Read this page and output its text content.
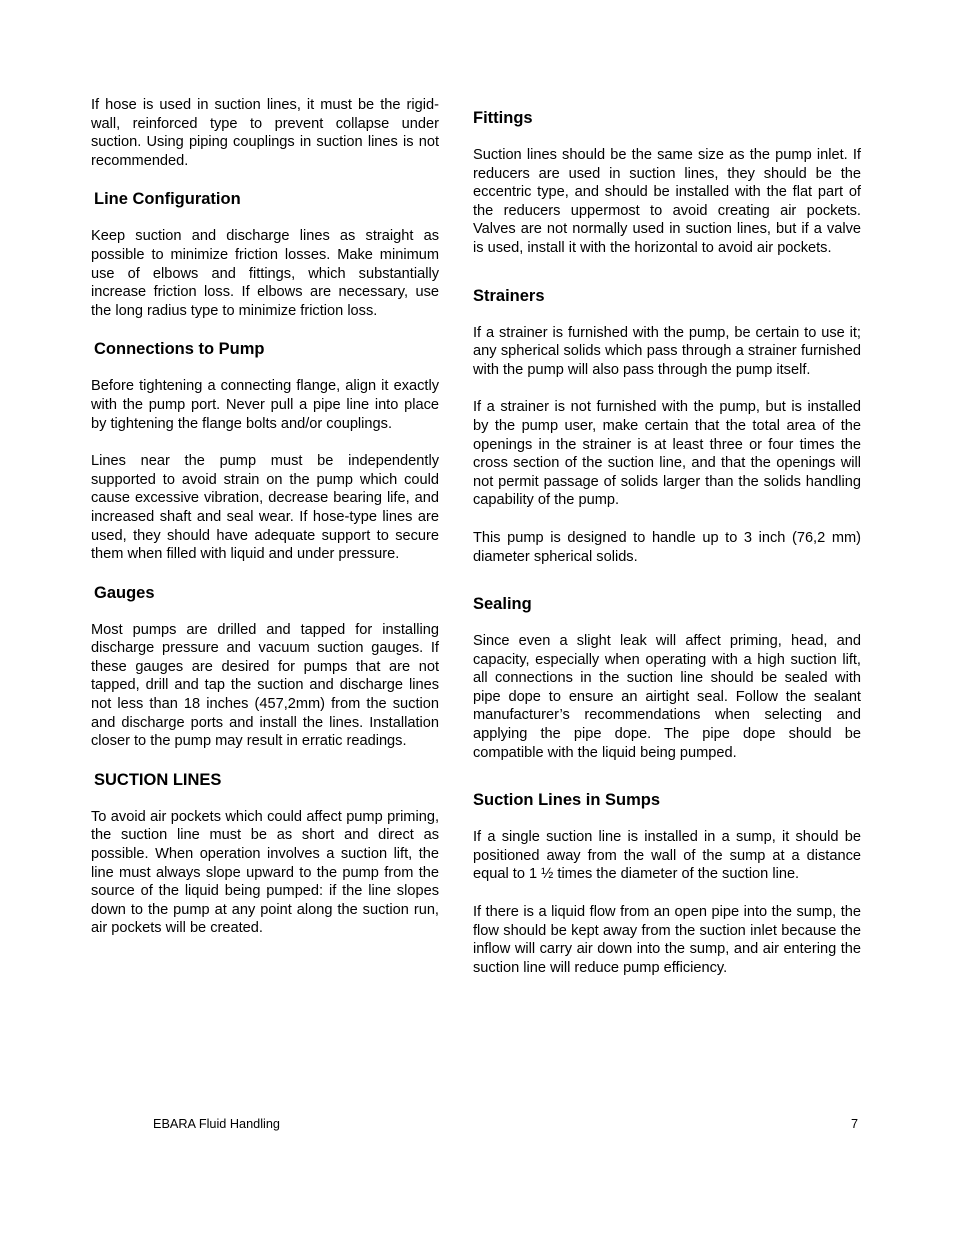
If hose is used in suction lines, it must be the rigid-wall, reinforced type to prevent collapse under suction. Using piping couplings in suction lines is not recommended.

Line Configuration

Keep suction and discharge lines as straight as possible to minimize friction losses. Make minimum use of elbows and fittings, which substantially increase friction loss. If elbows are necessary, use the long radius type to minimize friction loss.

Connections to Pump

Before tightening a connecting flange, align it exactly with the pump port. Never pull a pipe line into place by tightening the flange bolts and/or couplings.

Lines near the pump must be independently supported to avoid strain on the pump which could cause excessive vibration, decrease bearing life, and increased shaft and seal wear. If hose-type lines are used, they should have adequate support to secure them when filled with liquid and under pressure.

Gauges

Most pumps are drilled and tapped for installing discharge pressure and vacuum suction gauges. If these gauges are desired for pumps that are not tapped, drill and tap the suction and discharge lines not less than 18 inches (457,2mm) from the suction and discharge ports and install the lines. Installation closer to the pump may result in erratic readings.

SUCTION LINES

To avoid air pockets which could affect pump priming, the suction line must be as short and direct as possible. When operation involves a suction lift, the line must always slope upward to the pump from the source of the liquid being pumped: if the line slopes down to the pump at any point along the suction run, air pockets will be created.

Fittings

Suction lines should be the same size as the pump inlet. If reducers are used in suction lines, they should be the eccentric type, and should be installed with the flat part of the reducers uppermost to avoid creating air pockets. Valves are not normally used in suction lines, but if a valve is used, install it with the horizontal to avoid air pockets.

Strainers

If a strainer is furnished with the pump, be certain to use it; any spherical solids which pass through a strainer furnished with the pump will also pass through the pump itself.

If a strainer is not furnished with the pump, but is installed by the pump user, make certain that the total area of the openings in the strainer is at least three or four times the cross section of the suction line, and that the openings will not permit passage of solids larger than the solids handling capability of the pump.

This pump is designed to handle up to 3 inch (76,2 mm) diameter spherical solids.

Sealing

Since even a slight leak will affect priming, head, and capacity, especially when operating with a high suction lift, all connections in the suction line should be sealed with pipe dope to ensure an airtight seal. Follow the sealant manufacturer’s recommendations when selecting and applying the pipe dope. The pipe dope should be compatible with the liquid being pumped.

Suction Lines in Sumps

If a single suction line is installed in a sump, it should be positioned away from the wall of the sump at a distance equal to 1 ½ times the diameter of the suction line.

If there is a liquid flow from an open pipe into the sump, the flow should be kept away from the suction inlet because the inflow will carry air down into the sump, and air entering the suction line will reduce pump efficiency.

EBARA Fluid Handling	7
